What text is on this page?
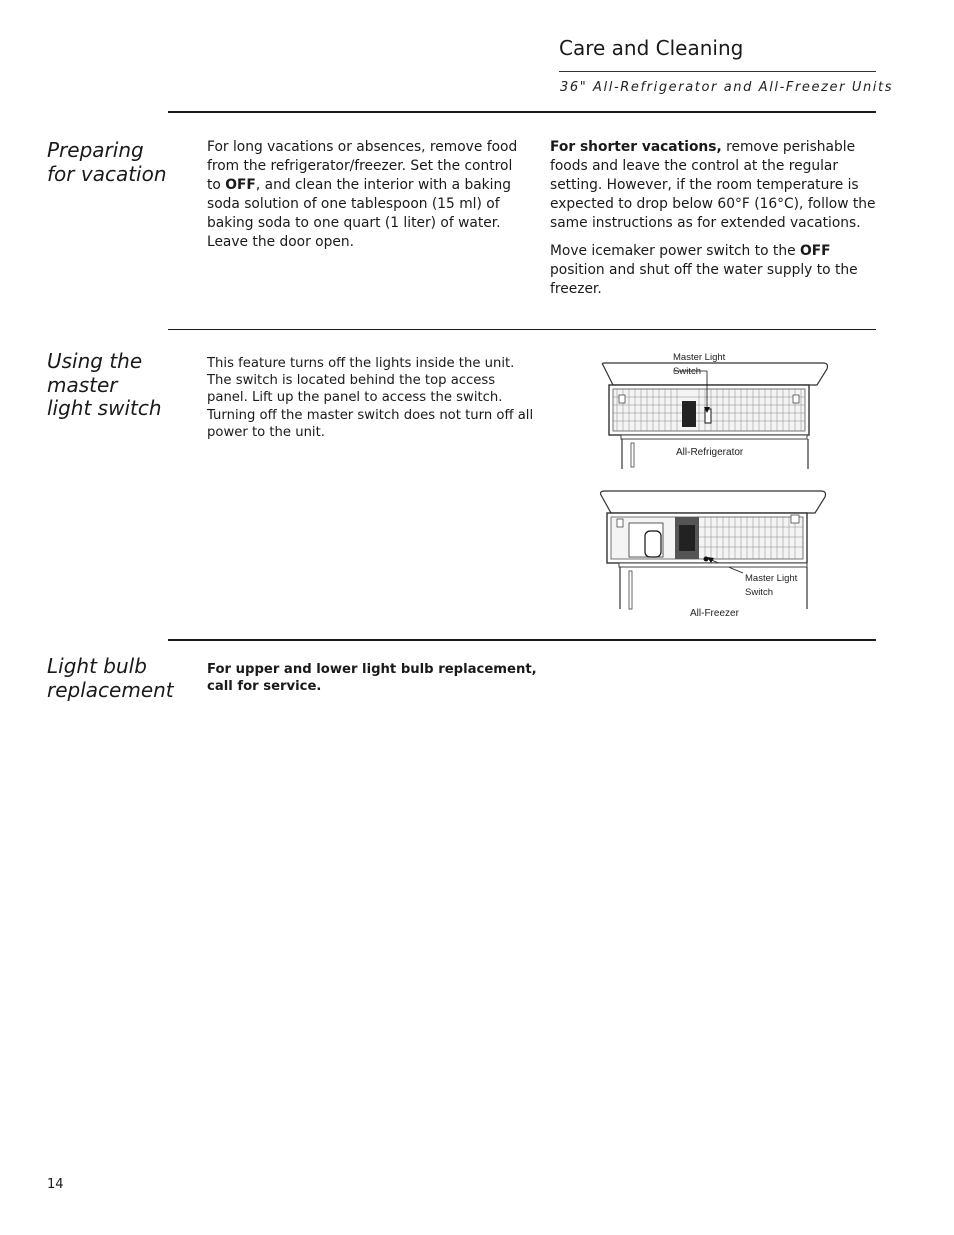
Care and Cleaning
36" All-Refrigerator and All-Freezer Units
Preparing
for vacation

For long vacations or absences, remove food from the refrigerator/freezer. Set the control to OFF, and clean the interior with a baking soda solution of one tablespoon (15 ml) of baking soda to one quart (1 liter) of water. Leave the door open.

For shorter vacations, remove perishable foods and leave the control at the regular setting. However, if the room temperature is expected to drop below 60°F (16°C), follow the same instructions as for extended vacations.

Move icemaker power switch to the OFF position and shut off the water supply to the freezer.

Using the
master
light switch

This feature turns off the lights inside the unit. The switch is located behind the top access panel. Lift up the panel to access the switch. Turning off the master switch does not turn off all power to the unit.

Master Light
Switch
All-Refrigerator
Master Light
Switch
All-Freezer
Light bulb
replacement
For upper and lower light bulb replacement,
call for service.
14
